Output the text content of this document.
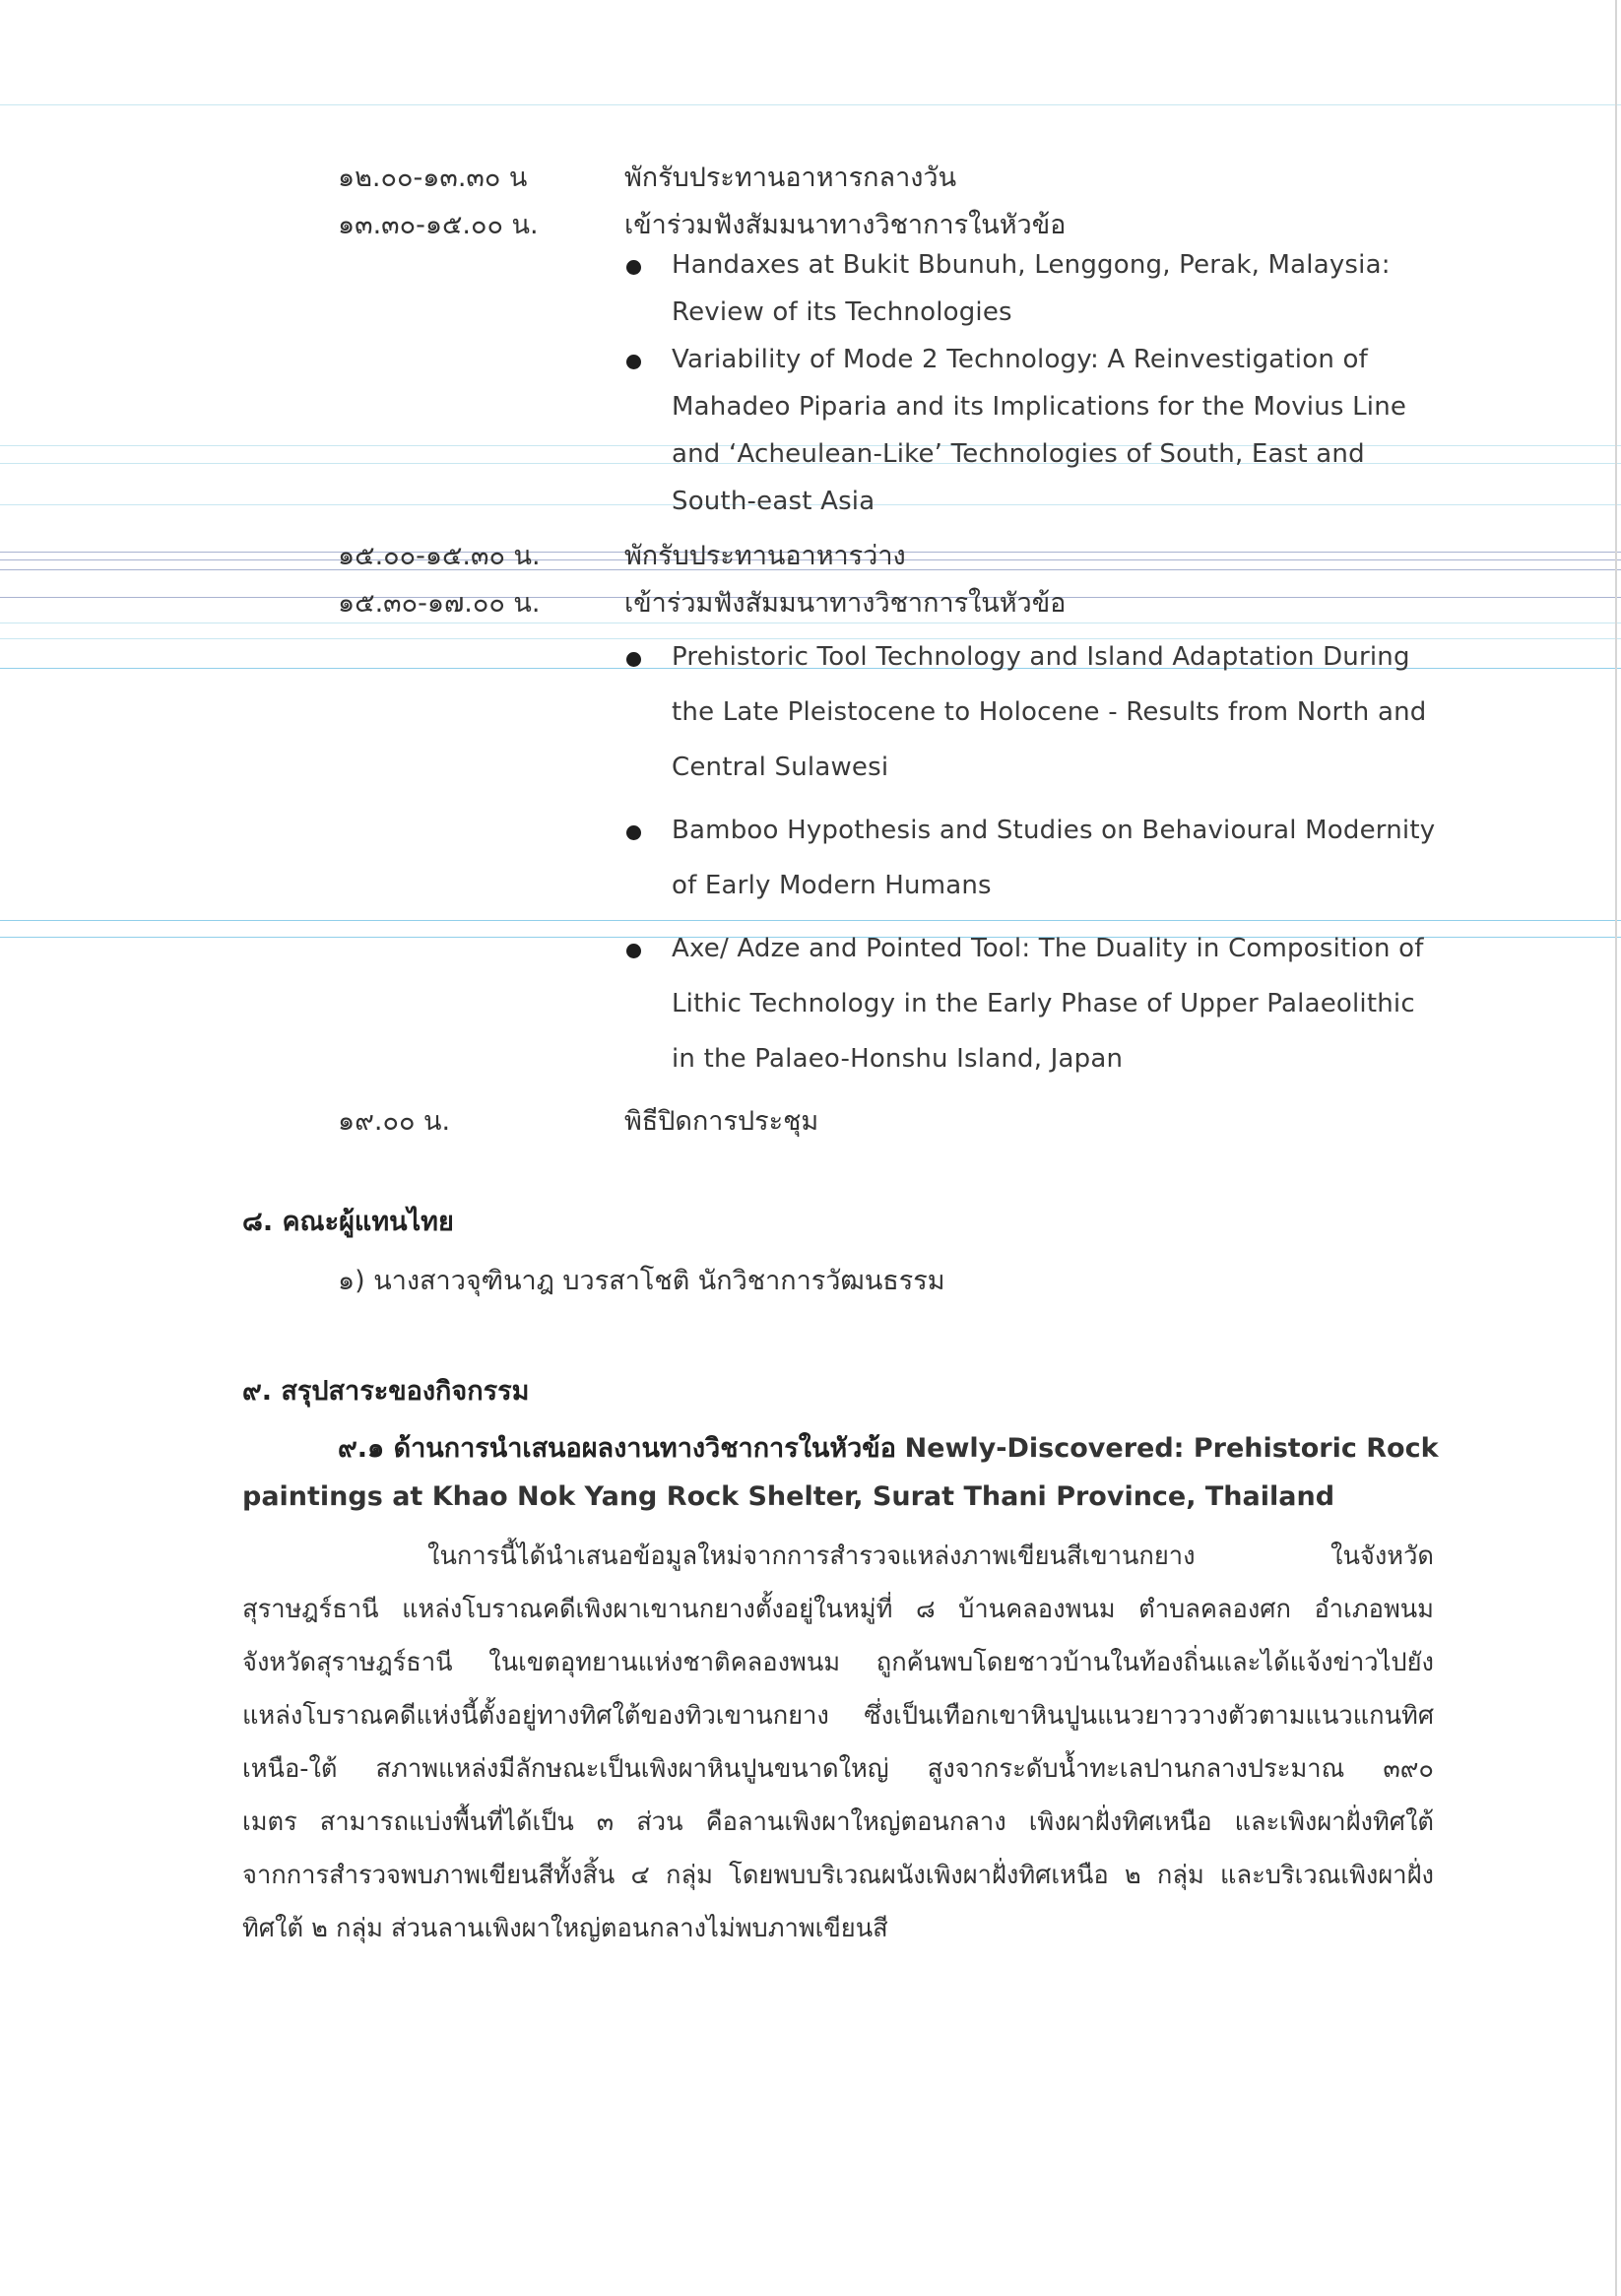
๑๒.๐๐-๑๓.๓๐ น	พักรับประทานอาหารกลางวัน
๑๓.๓๐-๑๕.๐๐ น.	เข้าร่วมฟังสัมมนาทางวิชาการในหัวข้อ
Handaxes at Bukit Bbunuh, Lenggong, Perak, Malaysia:
Review of its Technologies
Variability of Mode 2 Technology: A Reinvestigation of
Mahadeo Piparia and its Implications for the Movius Line
and ‘Acheulean-Like’ Technologies of South, East and
South-east Asia
๑๕.๐๐-๑๕.๓๐ น.	พักรับประทานอาหารว่าง
๑๕.๓๐-๑๗.๐๐ น.	เข้าร่วมฟังสัมมนาทางวิชาการในหัวข้อ
Prehistoric Tool Technology and Island Adaptation During
the Late Pleistocene to Holocene - Results from North and
Central Sulawesi
Bamboo Hypothesis and Studies on Behavioural Modernity
of Early Modern Humans
Axe/ Adze and Pointed Tool: The Duality in Composition of
Lithic Technology in the Early Phase of Upper Palaeolithic
in the Palaeo-Honshu Island, Japan
๑๙.๐๐ น.	พิธีปิดการประชุม
๘. คณะผู้แทนไทย
๑) นางสาวจุฑินาฎ บวรสาโชติ นักวิชาการวัฒนธรรม
๙. สรุปสาระของกิจกรรม
๙.๑ ด้านการนำเสนอผลงานทางวิชาการในหัวข้อ Newly-Discovered: Prehistoric Rock
paintings at Khao Nok Yang Rock Shelter, Surat Thani Province, Thailand
ในการนี้ได้นำเสนอข้อมูลใหม่จากการสำรวจแหล่งภาพเขียนสีเขานกยาง ในจังหวัด
สุราษฎร์ธานี แหล่งโบราณคดีเพิงผาเขานกยางตั้งอยู่ในหมู่ที่ ๘ บ้านคลองพนม ตำบลคลองศก อำเภอพนม
จังหวัดสุราษฎร์ธานี ในเขตอุทยานแห่งชาติคลองพนม ถูกค้นพบโดยชาวบ้านในท้องถิ่นและได้แจ้งข่าวไปยัง
แหล่งโบราณคดีแห่งนี้ตั้งอยู่ทางทิศใต้ของทิวเขานกยาง ซึ่งเป็นเทือกเขาหินปูนแนวยาววางตัวตามแนวแกนทิศ
เหนือ-ใต้ สภาพแหล่งมีลักษณะเป็นเพิงผาหินปูนขนาดใหญ่ สูงจากระดับน้ำทะเลปานกลางประมาณ ๓๙๐
เมตร สามารถแบ่งพื้นที่ได้เป็น ๓ ส่วน คือลานเพิงผาใหญ่ตอนกลาง เพิงผาฝั่งทิศเหนือ และเพิงผาฝั่งทิศใต้
จากการสำรวจพบภาพเขียนสีทั้งสิ้น ๔ กลุ่ม โดยพบบริเวณผนังเพิงผาฝั่งทิศเหนือ ๒ กลุ่ม และบริเวณเพิงผาฝั่ง
ทิศใต้ ๒ กลุ่ม ส่วนลานเพิงผาใหญ่ตอนกลางไม่พบภาพเขียนสี
